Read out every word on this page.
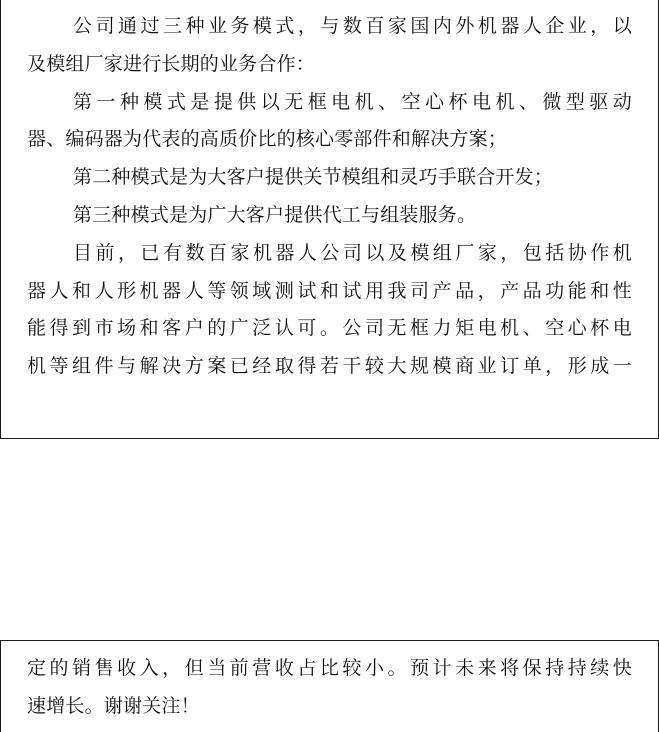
公司通过三种业务模式，与数百家国内外机器人企业，以
及模组厂家进行长期的业务合作：
第一种模式是提供以无框电机、空心杯电机、微型驱动
器、编码器为代表的高质价比的核心零部件和解决方案；
第二种模式是为大客户提供关节模组和灵巧手联合开发；
第三种模式是为广大客户提供代工与组装服务。
目前，已有数百家机器人公司以及模组厂家，包括协作机
器人和人形机器人等领域测试和试用我司产品，产品功能和性
能得到市场和客户的广泛认可。公司无框力矩电机、空心杯电
机等组件与解决方案已经取得若干较大规模商业订单，形成一
定的销售收入，但当前营收占比较小。预计未来将保持持续快
速增长。谢谢关注！
